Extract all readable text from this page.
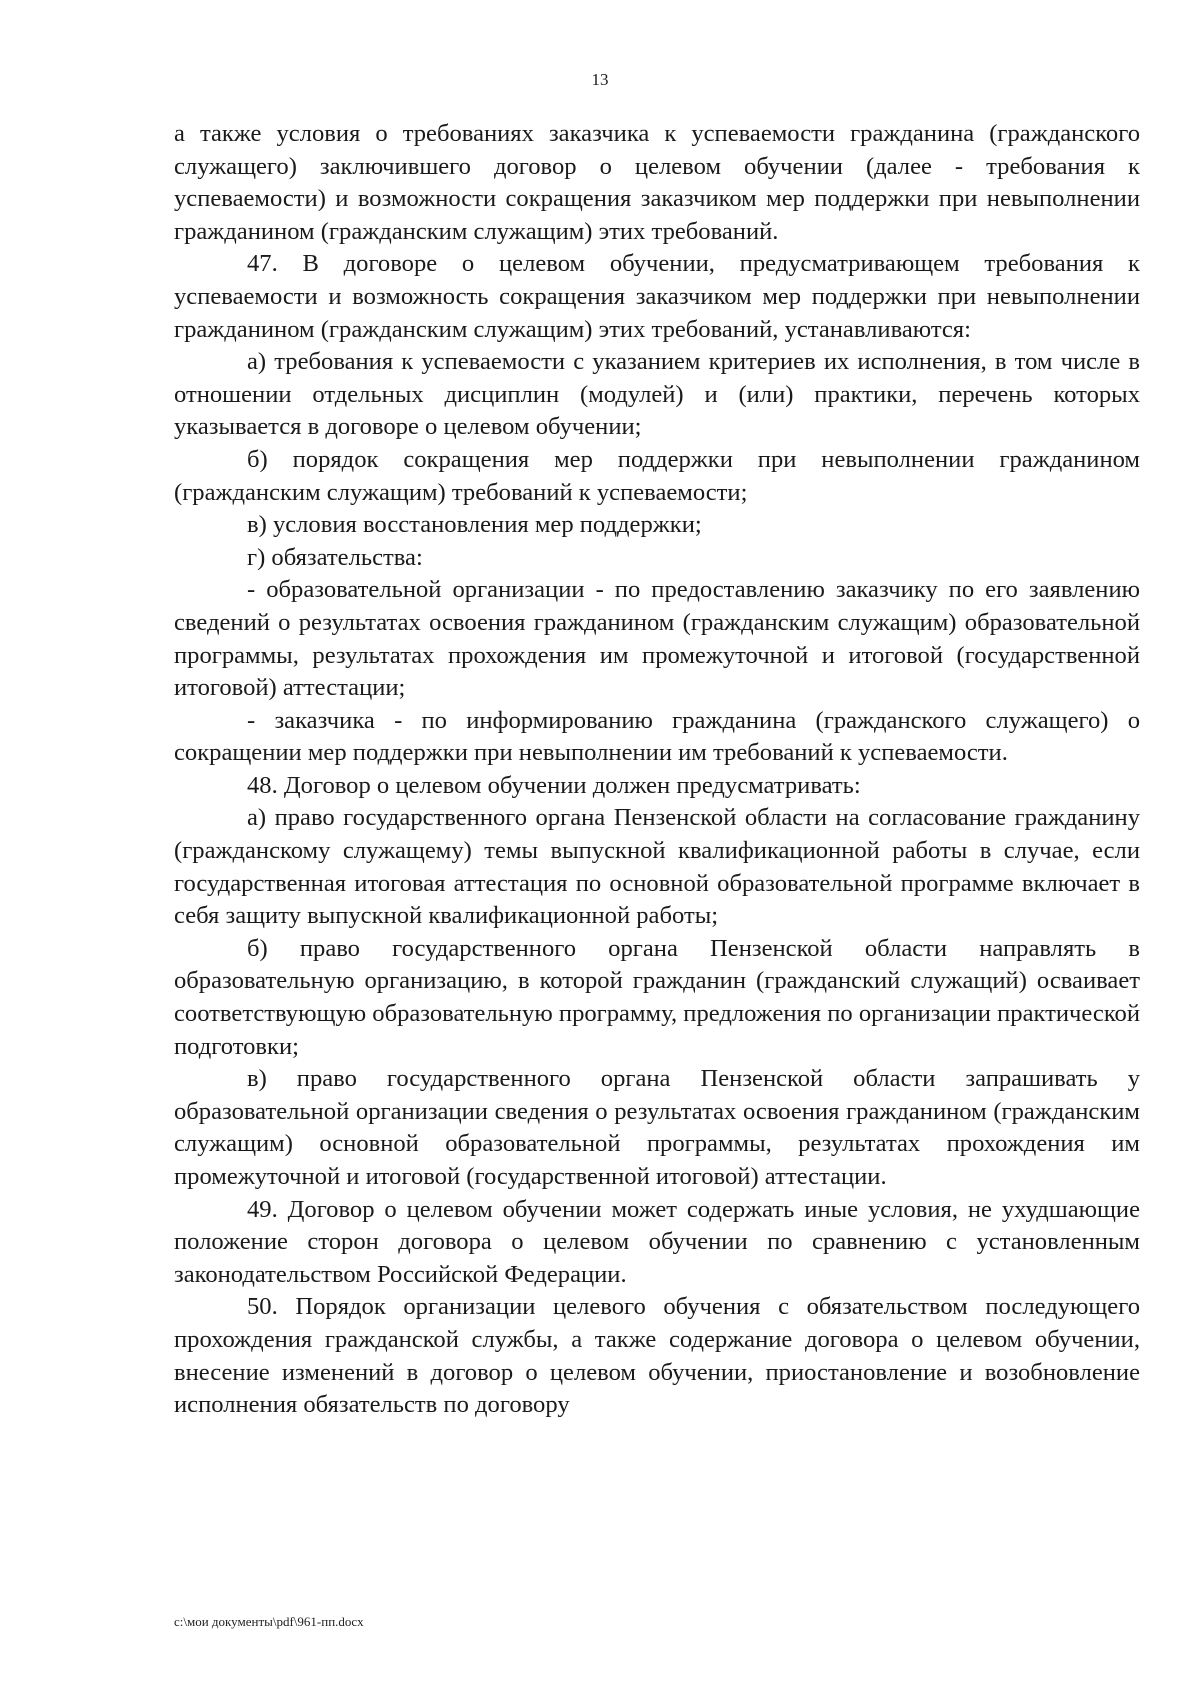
13

а также условия о требованиях заказчика к успеваемости гражданина (гражданского служащего) заключившего договор о целевом обучении (далее - требования к успеваемости) и возможности сокращения заказчиком мер поддержки при невыполнении гражданином (гражданским служащим) этих требований.

47. В договоре о целевом обучении, предусматривающем требования к успеваемости и возможность сокращения заказчиком мер поддержки при невыполнении гражданином (гражданским служащим) этих требований, устанавливаются:

а) требования к успеваемости с указанием критериев их исполнения, в том числе в отношении отдельных дисциплин (модулей) и (или) практики, перечень которых указывается в договоре о целевом обучении;

б) порядок сокращения мер поддержки при невыполнении гражданином (гражданским служащим) требований к успеваемости;

в) условия восстановления мер поддержки;

г) обязательства:

- образовательной организации - по предоставлению заказчику по его заявлению сведений о результатах освоения гражданином (гражданским служащим) образовательной программы, результатах прохождения им промежуточной и итоговой (государственной итоговой) аттестации;

- заказчика - по информированию гражданина (гражданского служащего) о сокращении мер поддержки при невыполнении им требований к успеваемости.

48. Договор о целевом обучении должен предусматривать:

а) право государственного органа Пензенской области на согласование гражданину (гражданскому служащему) темы выпускной квалификационной работы в случае, если государственная итоговая аттестация по основной образовательной программе включает в себя защиту выпускной квалификационной работы;

б) право государственного органа Пензенской области направлять в образовательную организацию, в которой гражданин (гражданский служащий) осваивает соответствующую образовательную программу, предложения по организации практической подготовки;

в) право государственного органа Пензенской области запрашивать у образовательной организации сведения о результатах освоения гражданином (гражданским служащим) основной образовательной программы, результатах прохождения им промежуточной и итоговой (государственной итоговой) аттестации.

49. Договор о целевом обучении может содержать иные условия, не ухудшающие положение сторон договора о целевом обучении по сравнению с установленным законодательством Российской Федерации.

50. Порядок организации целевого обучения с обязательством последующего прохождения гражданской службы, а также содержание договора о целевом обучении, внесение изменений в договор о целевом обучении, приостановление и возобновление исполнения обязательств по договору

c:\мои документы\pdf\961-пп.docx
